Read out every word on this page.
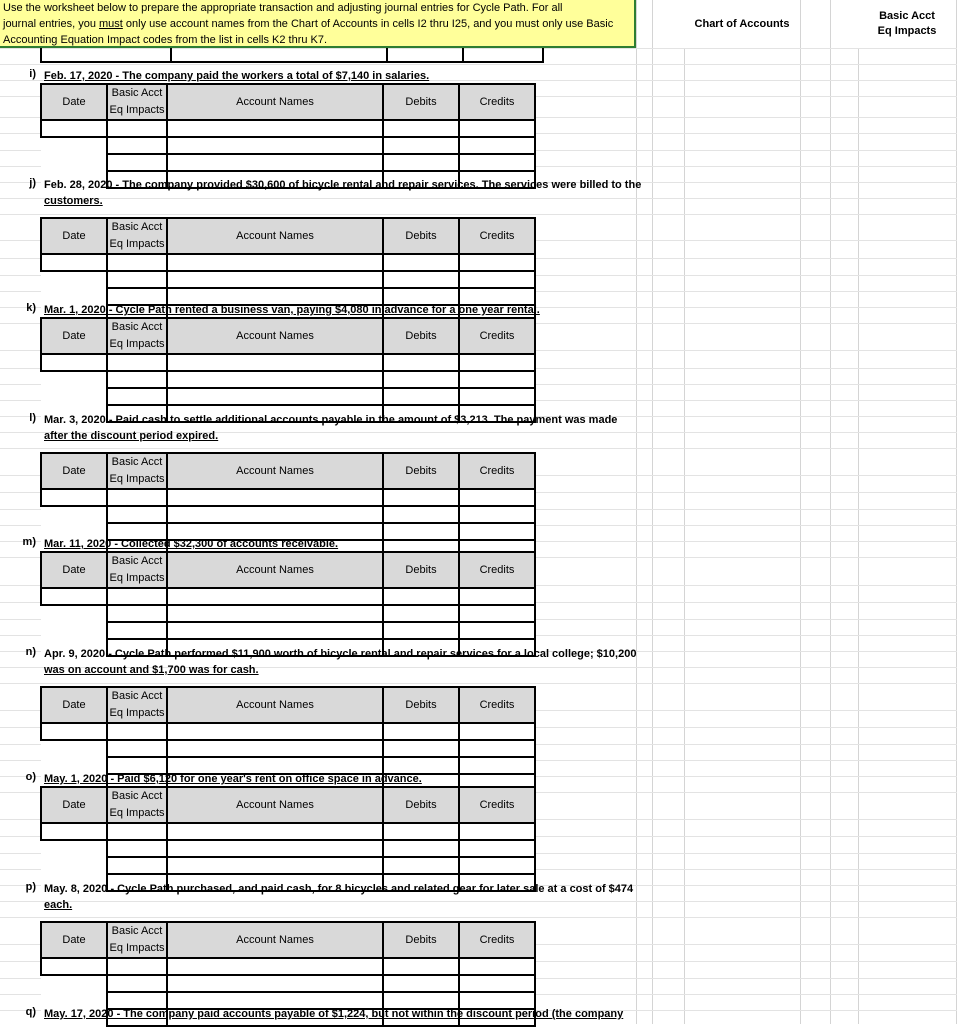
Use the worksheet below to prepare the appropriate transaction and adjusting journal entries for Cycle Path. For all
journal entries, you must only use account names from the Chart of Accounts in cells I2 thru I25, and you must only use Basic
Accounting Equation Impact codes from the list in cells K2 thru K7.
Chart of Accounts
Basic Acct
Eq Impacts
i) Feb. 17, 2020 - The company paid the workers a total of $7,140 in salaries.
Date	Basic Acct
Eq Impacts	Account Names	Debits	Credits

j) Feb. 28, 2020 - The company provided $30,600 of bicycle rental and repair services. The services were billed to the
customers.
Date	Basic Acct
Eq Impacts	Account Names	Debits	Credits

k) Mar. 1, 2020 - Cycle Path rented a business van, paying $4,080 in advance for a one year rental.
Date	Basic Acct
Eq Impacts	Account Names	Debits	Credits

l) Mar. 3, 2020 - Paid cash to settle additional accounts payable in the amount of $3,213. The payment was made
after the discount period expired.
Date	Basic Acct
Eq Impacts	Account Names	Debits	Credits

m) Mar. 11, 2020 - Collected $32,300 of accounts receivable.
Date	Basic Acct
Eq Impacts	Account Names	Debits	Credits

n) Apr. 9, 2020 - Cycle Path performed $11,900 worth of bicycle rental and repair services for a local college; $10,200
was on account and $1,700 was for cash.
Date	Basic Acct
Eq Impacts	Account Names	Debits	Credits

o) May. 1, 2020 - Paid $6,120 for one year's rent on office space in advance.
Date	Basic Acct
Eq Impacts	Account Names	Debits	Credits

p) May. 8, 2020 - Cycle Path purchased, and paid cash, for 8 bicycles and related gear for later sale at a cost of $474
each.
Date	Basic Acct
Eq Impacts	Account Names	Debits	Credits

q) May. 17, 2020 - The company paid accounts payable of $1,224, but not within the discount period (the company
